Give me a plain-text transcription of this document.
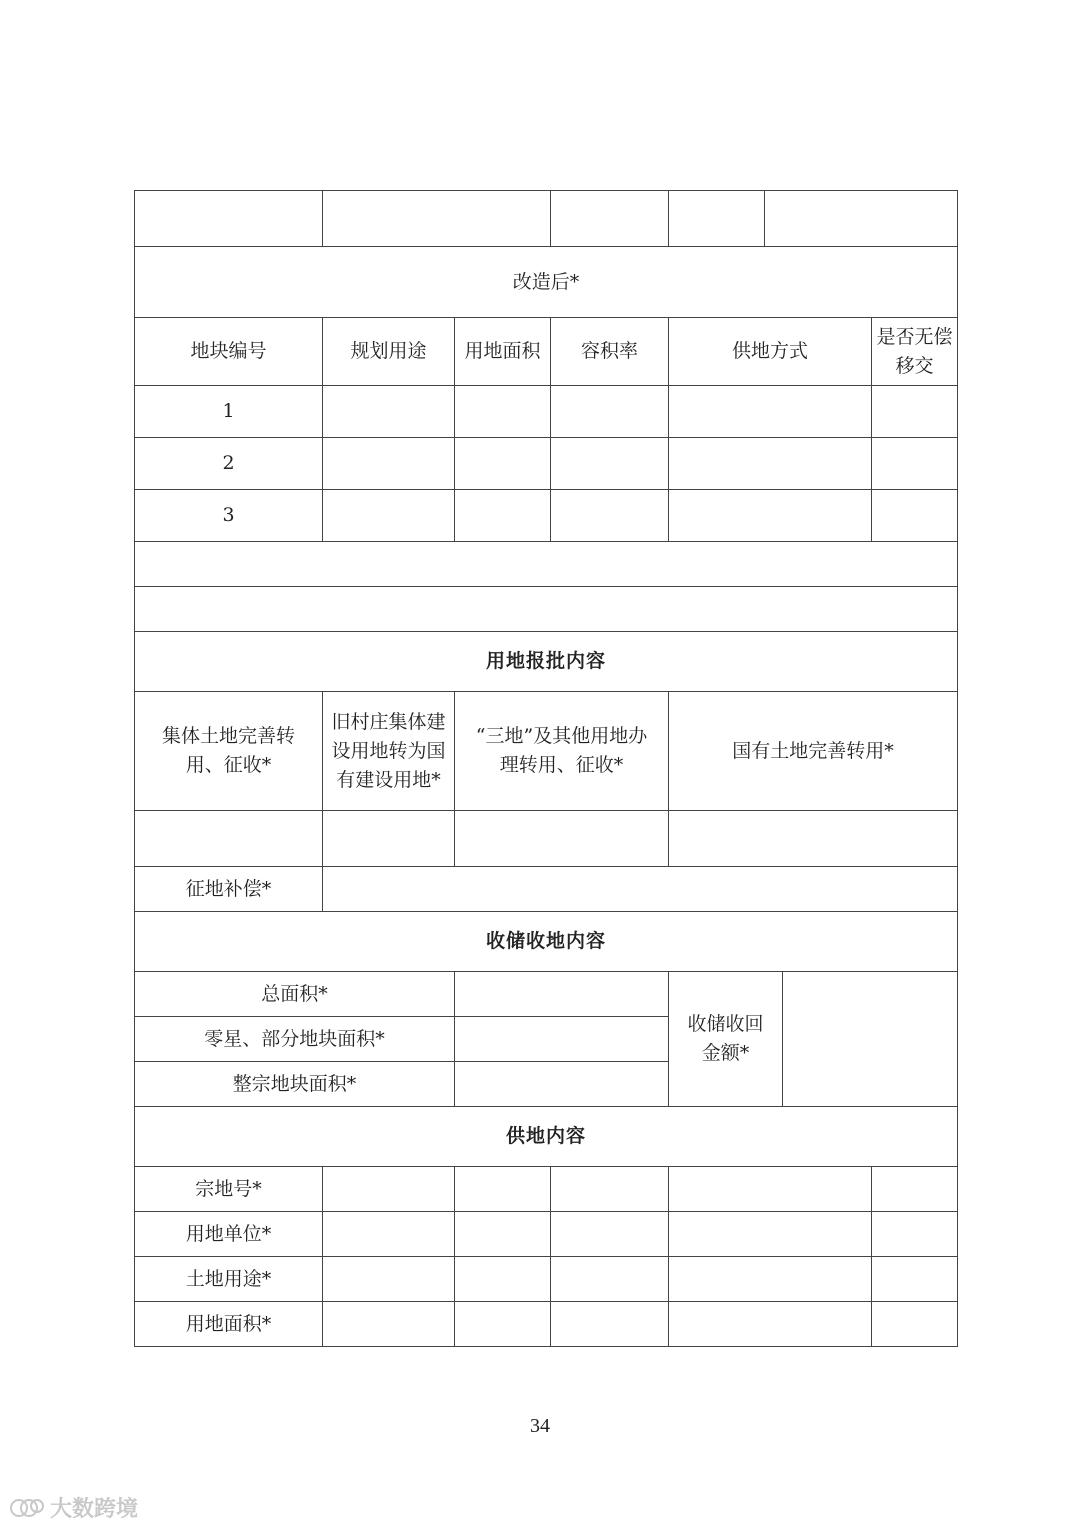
改造后*							
地块编号	规划用途	用地面积	容积率	供地方式			是否无偿移交
1							
2							
3							

用地报批内容							
集体土地完善转用、征收*	旧村庄集体建设用地转为国有建设用地*	“三地”及其他用地办理转用、征收*		国有土地完善转用*			

征地补偿*							
收储收地内容							
总面积*				收储收回金额*			
零星、部分地块面积*							
整宗地块面积*							
供地内容							
宗地号*							
用地单位*							
土地用途*							
用地面积*							
34
大数跨境
